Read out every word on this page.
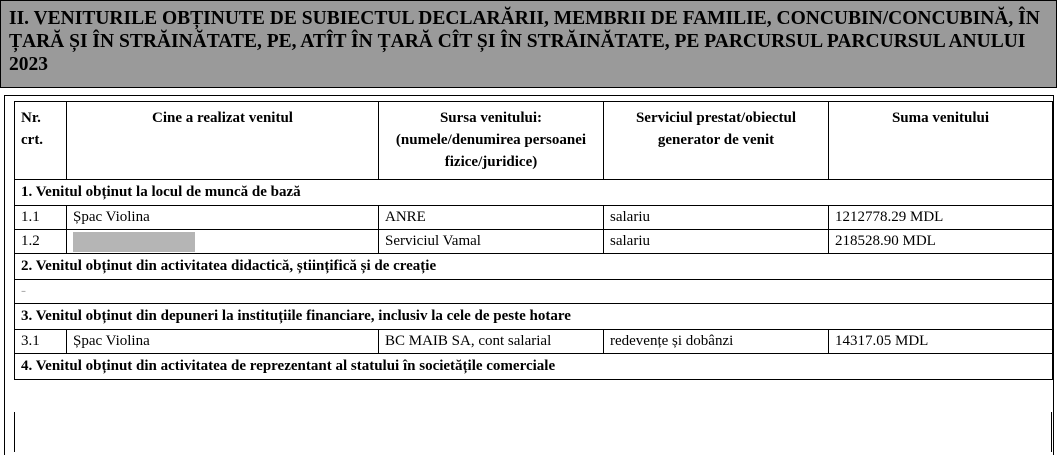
II. VENITURILE OBȚINUTE DE SUBIECTUL DECLARĂRII, MEMBRII DE FAMILIE, CONCUBIN/CONCUBINĂ, ÎN ȚARĂ ȘI ÎN STRĂINĂTATE, PE, ATÎT ÎN ȚARĂ CÎT ȘI ÎN STRĂINĂTATE, PE PARCURSUL PARCURSUL ANULUI 2023
Nr. crt.	Cine a realizat venitul	Sursa venitului: (numele/denumirea persoanei fizice/juridice)	Serviciul prestat/obiectul generator de venit	Suma venitului
1. Venitul obținut la locul de muncă de bază				
1.1	Șpac Violina	ANRE	salariu	1212778.29 MDL
1.2		Serviciul Vamal	salariu	218528.90 MDL
2. Venitul obținut din activitatea didactică, științifică și de creație				
-				
3. Venitul obținut din depuneri la instituțiile financiare, inclusiv la cele de peste hotare				
3.1	Șpac Violina	BC MAIB SA, cont salarial	redevențe și dobânzi	14317.05 MDL
4. Venitul obținut din activitatea de reprezentant al statului în societățile comerciale				
